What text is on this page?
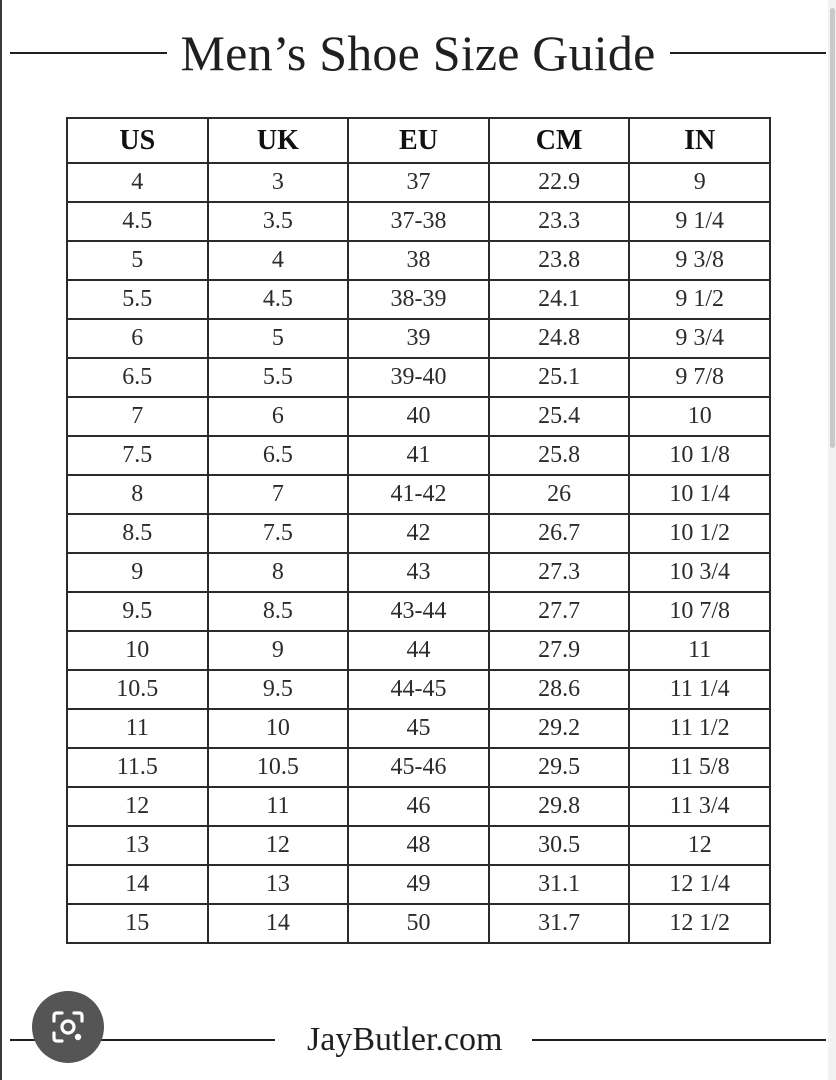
Men’s Shoe Size Guide
US	UK	EU	CM	IN
4	3	37	22.9	9
4.5	3.5	37-38	23.3	9 1/4
5	4	38	23.8	9 3/8
5.5	4.5	38-39	24.1	9 1/2
6	5	39	24.8	9 3/4
6.5	5.5	39-40	25.1	9 7/8
7	6	40	25.4	10
7.5	6.5	41	25.8	10 1/8
8	7	41-42	26	10 1/4
8.5	7.5	42	26.7	10 1/2
9	8	43	27.3	10 3/4
9.5	8.5	43-44	27.7	10 7/8
10	9	44	27.9	11
10.5	9.5	44-45	28.6	11 1/4
11	10	45	29.2	11 1/2
11.5	10.5	45-46	29.5	11 5/8
12	11	46	29.8	11 3/4
13	12	48	30.5	12
14	13	49	31.1	12 1/4
15	14	50	31.7	12 1/2
JayButler.com
